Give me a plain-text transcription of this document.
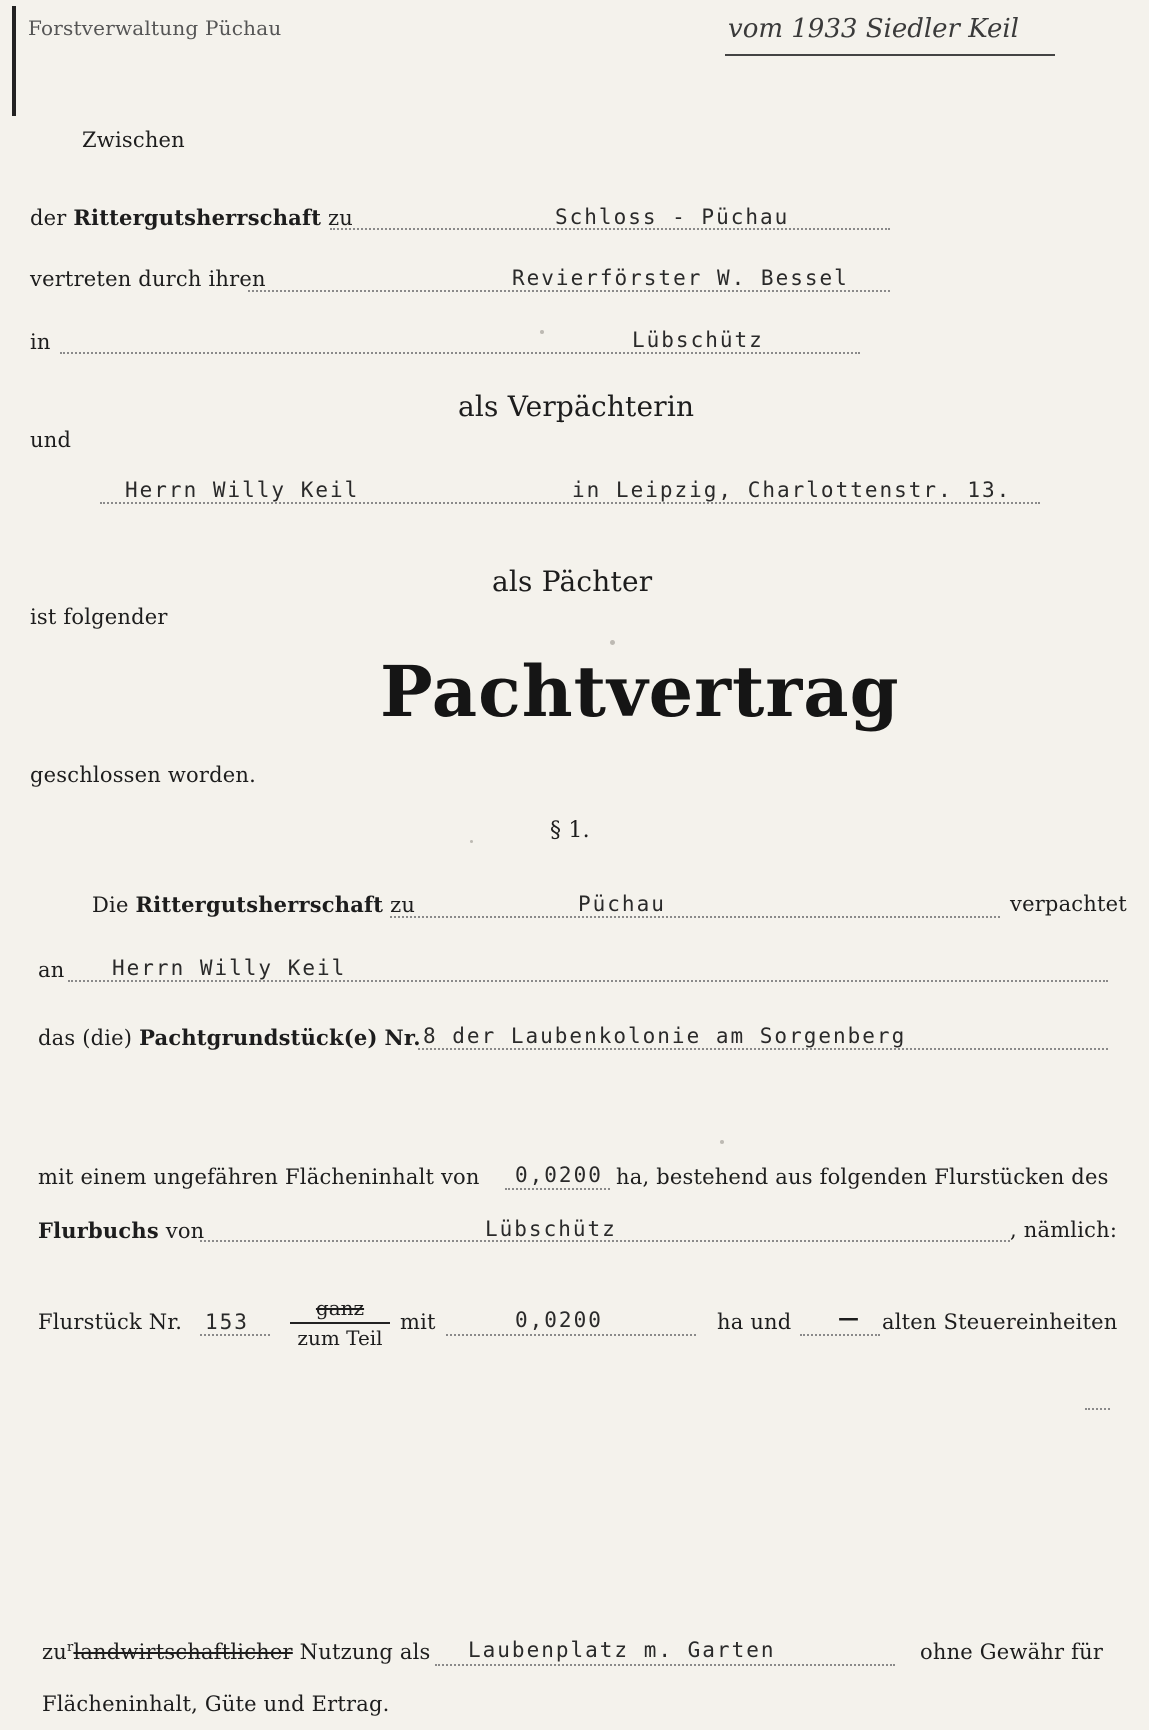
Forstverwaltung Püchau	vom 1933 Siedler Keil
Zwischen
der Rittergutsherrschaft zu	Schloss - Püchau
vertreten durch ihren	Revierförster W. Bessel
in	Lübschütz
als Verpächterin
und
Herrn Willy Keil	in Leipzig, Charlottenstr. 13.
als Pächter
ist folgender
Pachtvertrag
geschlossen worden.
§ 1.
Die Rittergutsherrschaft zu	Püchau	verpachtet
an Herrn Willy Keil
das (die) Pachtgrundstück(e) Nr. 8 der Laubenkolonie am Sorgenberg
mit einem ungefähren Flächeninhalt von 0,0200 ha, bestehend aus folgenden Flurstücken des
Flurbuchs von	Lübschütz	, nämlich:
Flurstück Nr. 153
ganz
zum Teil
mit	0,0200	ha und — alten Steuereinheiten
$zu^rlandwirtschaftlicher$ Nutzung als Laubenplatz m. Garten	ohne Gewähr für
Flächeninhalt, Güte und Ertrag.
